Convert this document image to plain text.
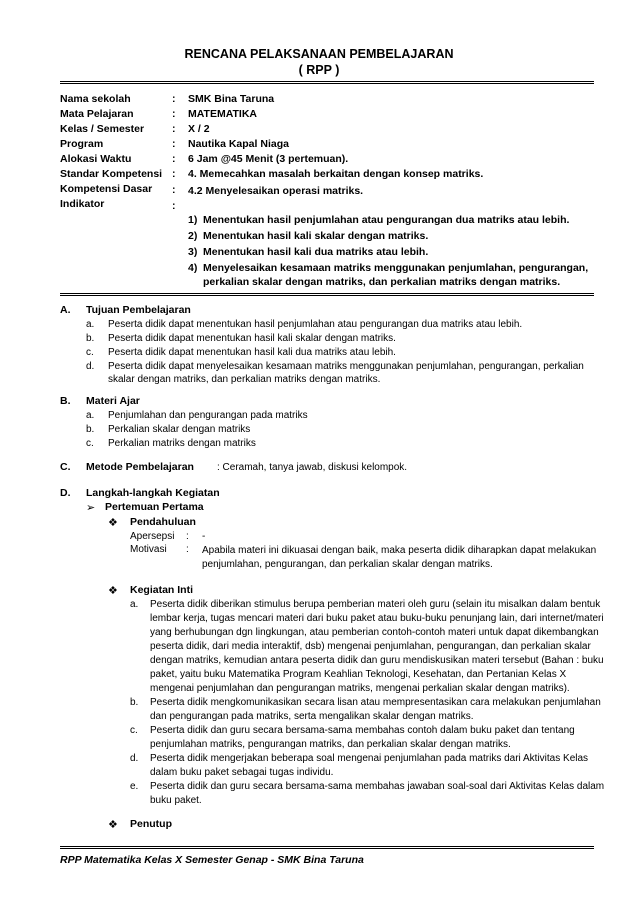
RENCANA PELAKSANAAN PEMBELAJARAN
( RPP )
Nama sekolah	:	SMK Bina Taruna
Mata Pelajaran	:	MATEMATIKA
Kelas / Semester	:	X / 2
Program	:	Nautika Kapal Niaga
Alokasi Waktu	:	6 Jam @45 Menit (3 pertemuan).
Standar Kompetensi :	4. Memecahkan masalah berkaitan dengan konsep matriks.
Kompetensi Dasar	:	4.2 Menyelesaikan operasi matriks.
Indikator	:
1) Menentukan hasil penjumlahan atau pengurangan dua matriks atau lebih.
2) Menentukan hasil kali skalar dengan matriks.
3) Menentukan hasil kali dua matriks atau lebih.
4) Menyelesaikan kesamaan matriks menggunakan penjumlahan, pengurangan,
perkalian skalar dengan matriks, dan perkalian matriks dengan matriks.
A. Tujuan Pembelajaran
a. Peserta didik dapat menentukan hasil penjumlahan atau pengurangan dua matriks atau lebih.
b. Peserta didik dapat menentukan hasil kali skalar dengan matriks.
c. Peserta didik dapat menentukan hasil kali dua matriks atau lebih.
d. Peserta didik dapat menyelesaikan kesamaan matriks menggunakan penjumlahan, pengurangan, perkalian
skalar dengan matriks, dan perkalian matriks dengan matriks.
B. Materi Ajar
a. Penjumlahan dan pengurangan pada matriks
b. Perkalian skalar dengan matriks
c. Perkalian matriks dengan matriks
C. Metode Pembelajaran : Ceramah, tanya jawab, diskusi kelompok.
D. Langkah-langkah Kegiatan
➢ Pertemuan Pertama
❖ Pendahuluan
Apersepsi : -
Motivasi : Apabila materi ini dikuasai dengan baik, maka peserta didik diharapkan dapat melakukan
penjumlahan, pengurangan, dan perkalian skalar dengan matriks.
❖ Kegiatan Inti
a. Peserta didik diberikan stimulus berupa pemberian materi oleh guru (selain itu misalkan dalam bentuk
lembar kerja, tugas mencari materi dari buku paket atau buku-buku penunjang lain, dari internet/materi
yang berhubungan dgn lingkungan, atau pemberian contoh-contoh materi untuk dapat dikembangkan
peserta didik, dari media interaktif, dsb) mengenai penjumlahan, pengurangan, dan perkalian skalar
dengan matriks, kemudian antara peserta didik dan guru mendiskusikan materi tersebut (Bahan : buku
paket, yaitu buku Matematika Program Keahlian Teknologi, Kesehatan, dan Pertanian Kelas X
mengenai penjumlahan dan pengurangan matriks, mengenai perkalian skalar dengan matriks).
b. Peserta didik mengkomunikasikan secara lisan atau mempresentasikan cara melakukan penjumlahan
dan pengurangan pada matriks, serta mengalikan skalar dengan matriks.
c. Peserta didik dan guru secara bersama-sama membahas contoh dalam buku paket dan tentang
penjumlahan matriks, pengurangan matriks, dan perkalian skalar dengan matriks.
d. Peserta didik mengerjakan beberapa soal mengenai penjumlahan pada matriks dari Aktivitas Kelas
dalam buku paket sebagai tugas individu.
e. Peserta didik dan guru secara bersama-sama membahas jawaban soal-soal dari Aktivitas Kelas dalam
buku paket.
❖ Penutup
RPP Matematika Kelas X Semester Genap - SMK Bina Taruna
